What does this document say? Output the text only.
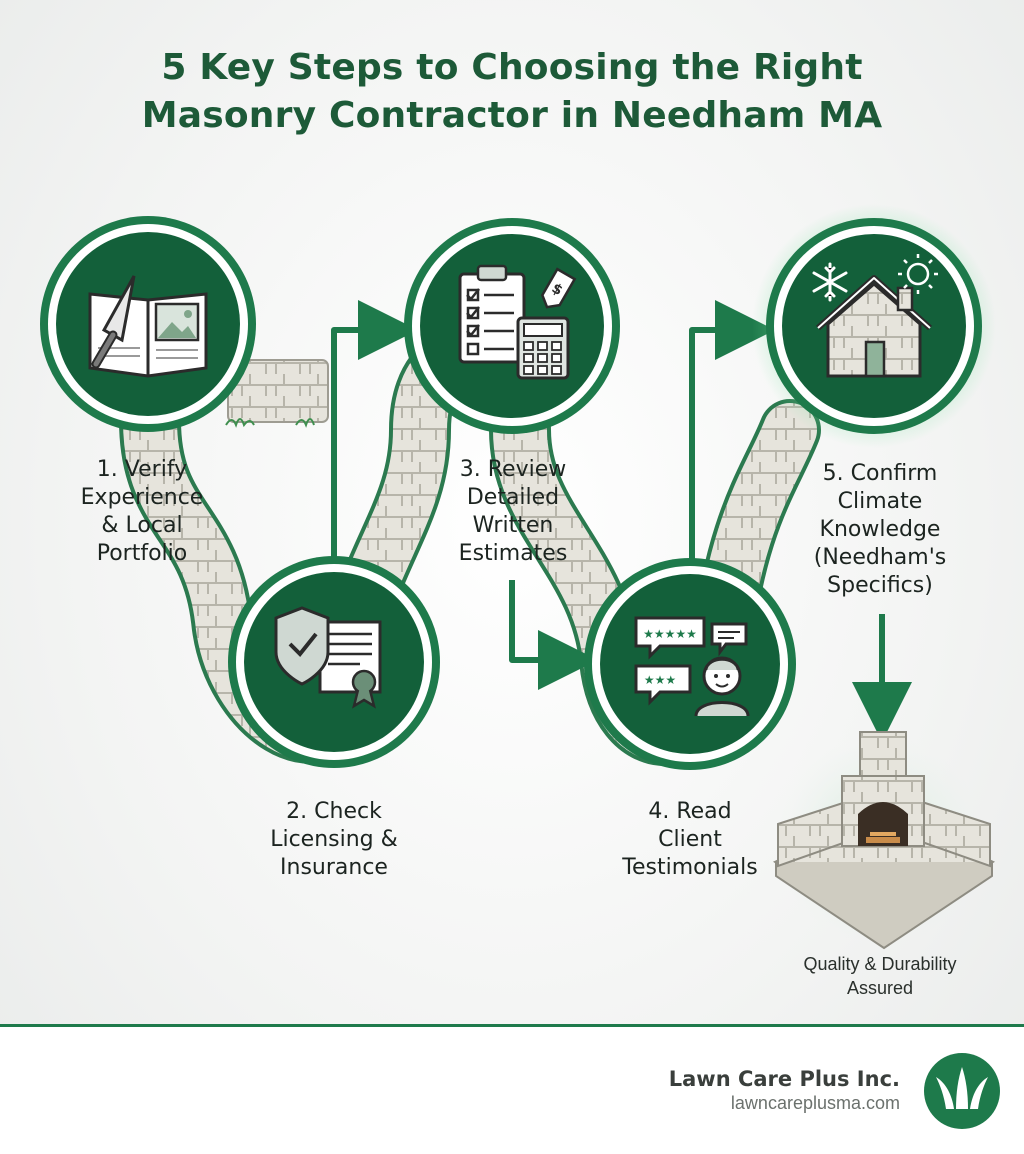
5 Key Steps to Choosing the Right
Masonry Contractor in Needham MA
$
★★★★★
★★★
1. Verify
Experience
& Local
Portfolio
2. Check
Licensing &
Insurance
3. Review
Detailed
Written
Estimates
4. Read
Client
Testimonials
5. Confirm
Climate
Knowledge
(Needham's
Specifics)
Quality & Durability
Assured
Lawn Care Plus Inc.
lawncareplusma.com
